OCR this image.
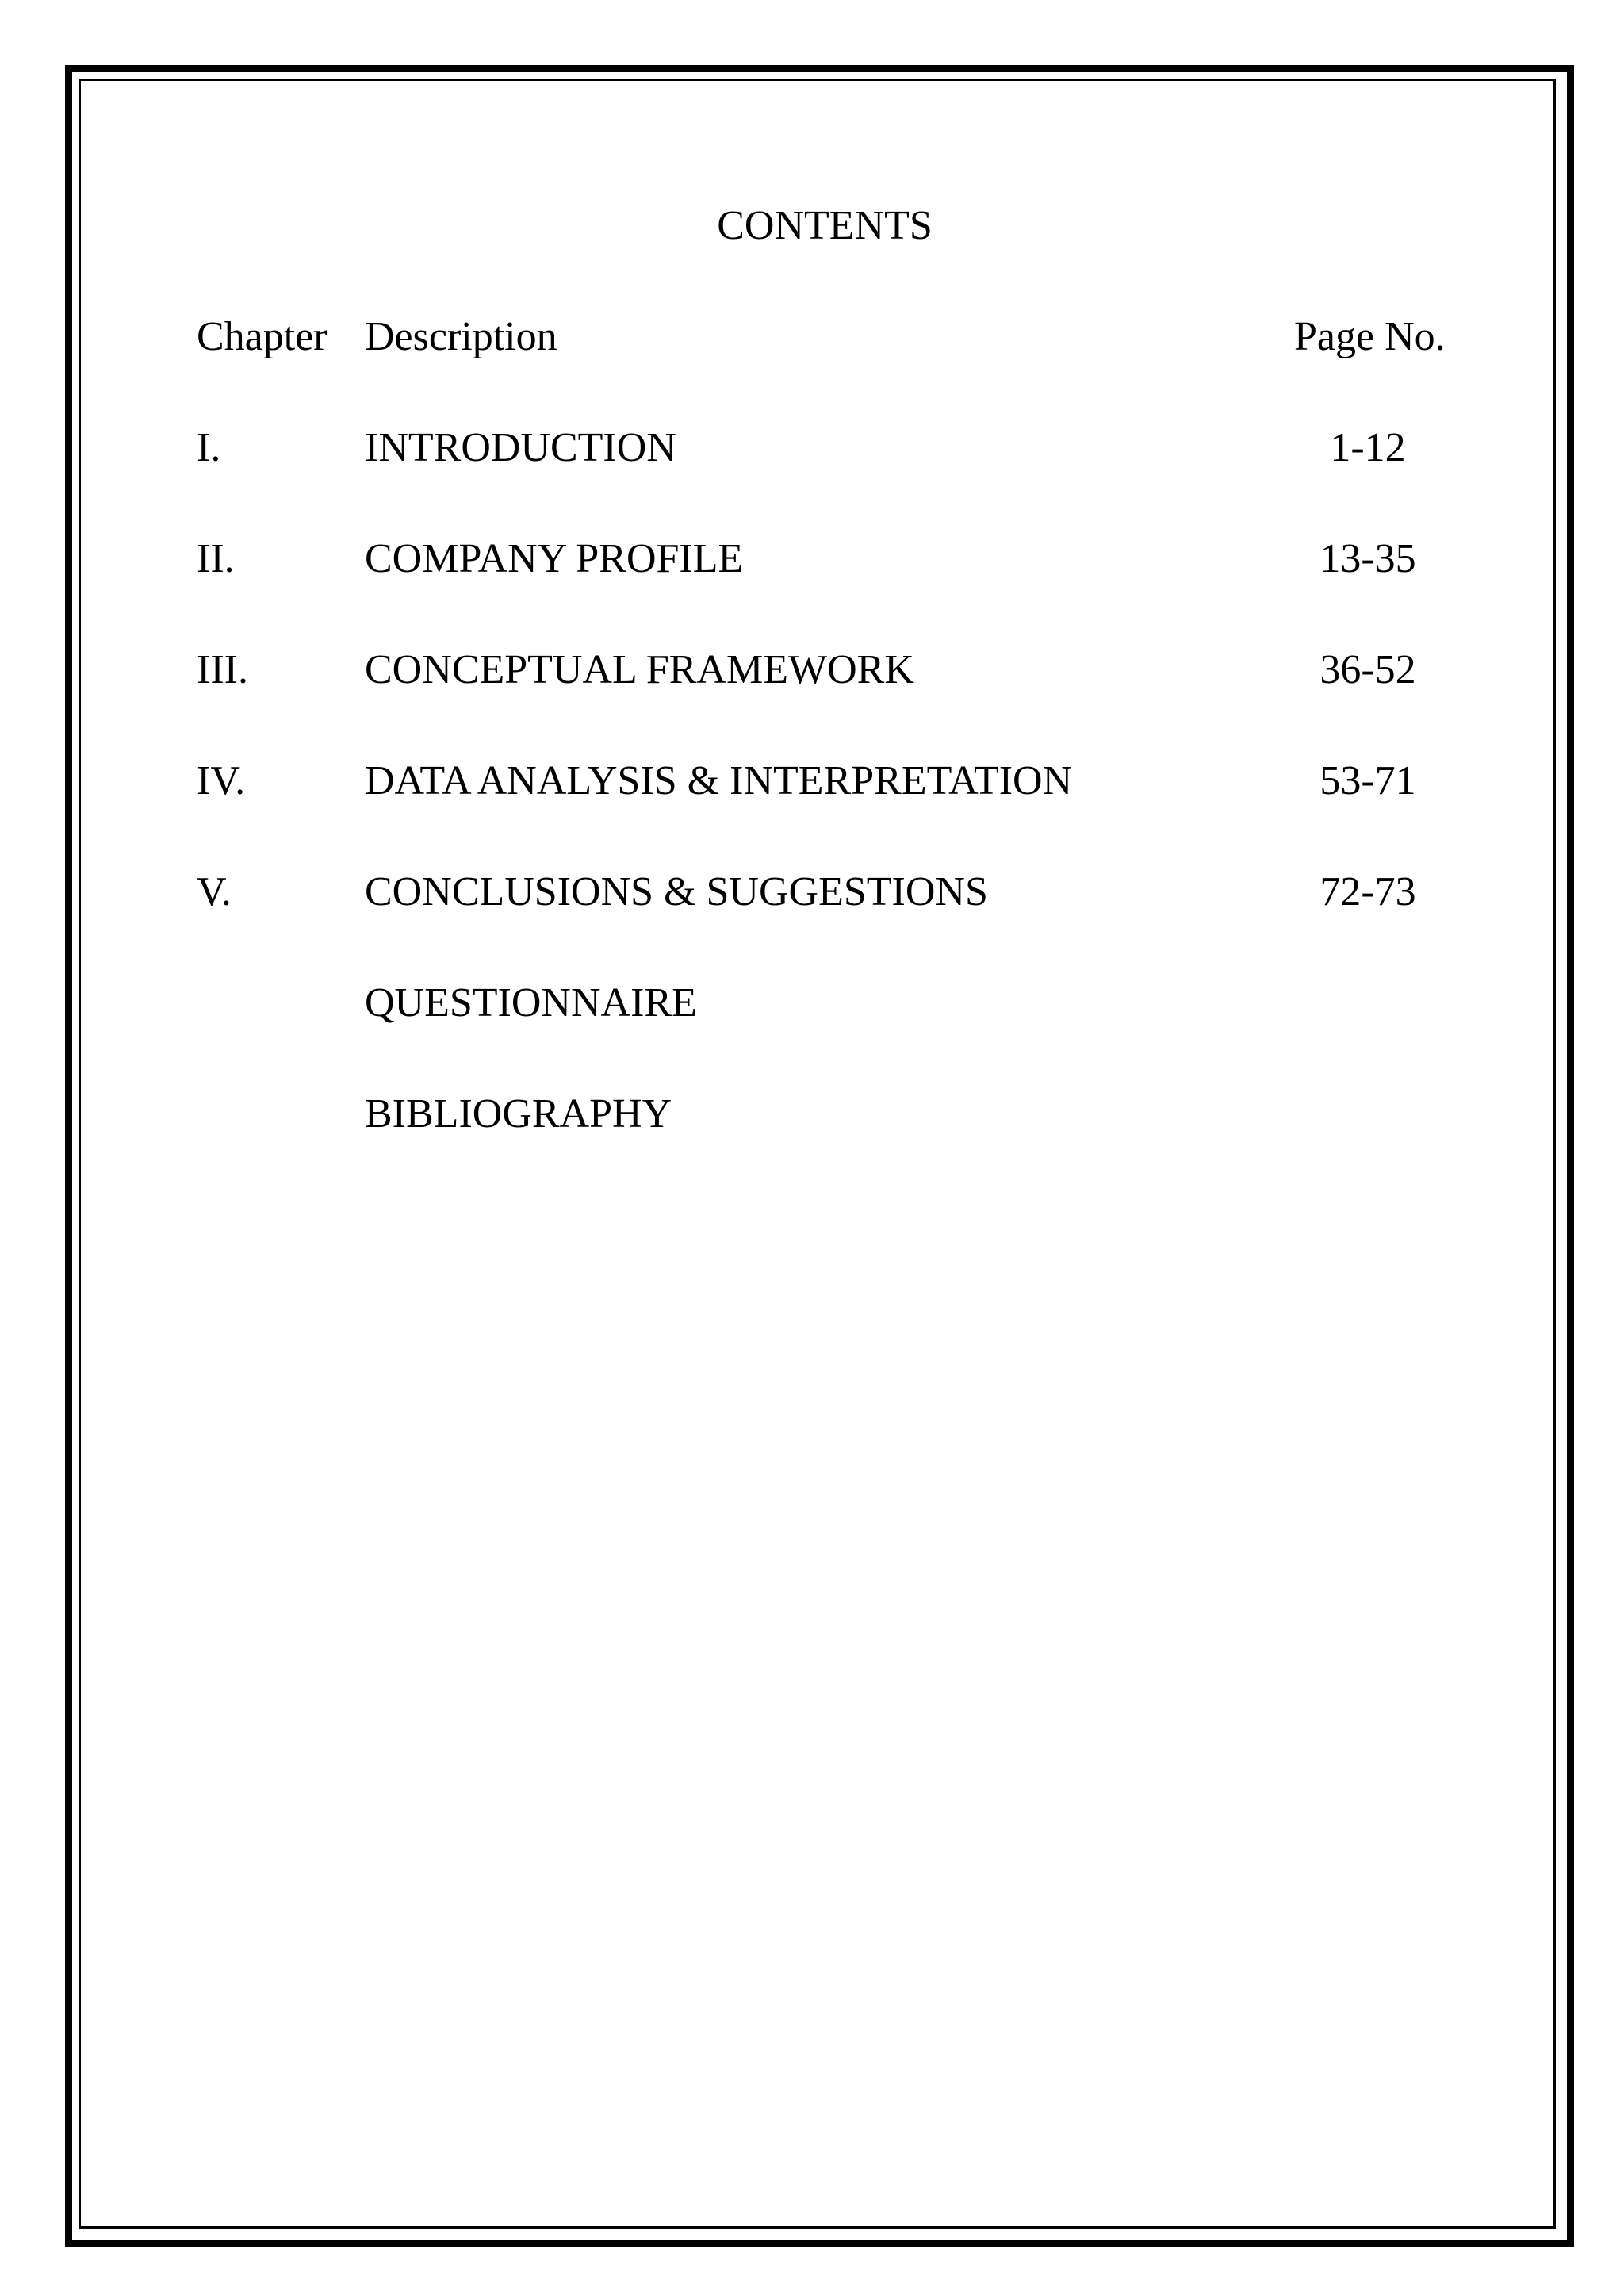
CONTENTS
Chapter Description	Page No.
I.	INTRODUCTION	1-12
II.	COMPANY PROFILE	13-35
III.	CONCEPTUAL FRAMEWORK	36-52
IV.	DATA ANALYSIS & INTERPRETATION	53-71
V.	CONCLUSIONS & SUGGESTIONS	72-73
QUESTIONNAIRE
BIBLIOGRAPHY
